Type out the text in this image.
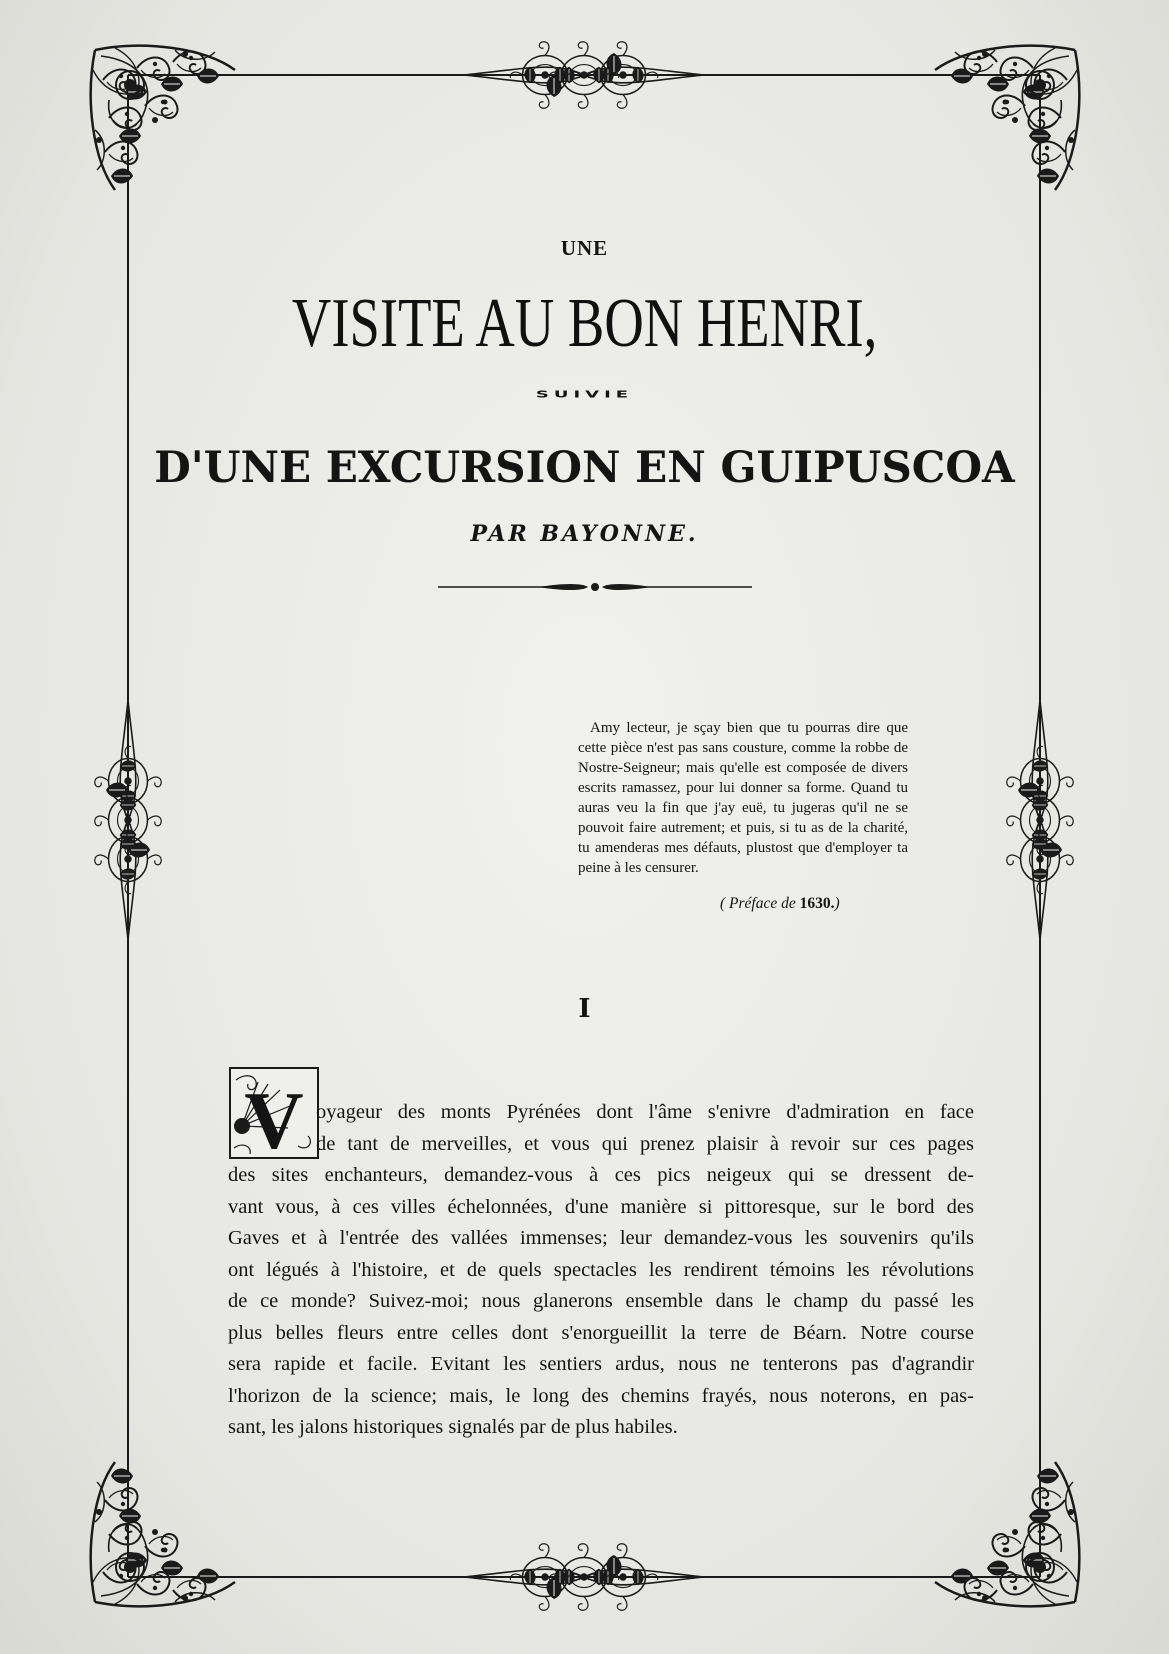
UNE
VISITE AU BON HENRI,
SUIVIE
D'UNE EXCURSION EN GUIPUSCOA
PAR BAYONNE.
Amy lecteur, je sçay bien que tu pourras dire que cette pièce n'est pas sans cousture, comme la robbe de Nostre-Seigneur; mais qu'elle est composée de divers escrits ramassez, pour lui donner sa forme. Quand tu auras veu la fin que j'ay euë, tu jugeras qu'il ne se pouvoit faire autrement; et puis, si tu as de la charité, tu amenderas mes défauts, plustost que d'employer ta peine à les censurer.
( Préface de 1630.)
I
V oyageur des monts Pyrénées dont l'âme s'enivre d'admiration en face
de tant de merveilles, et vous qui prenez plaisir à revoir sur ces pages
des sites enchanteurs, demandez-vous à ces pics neigeux qui se dressent de-
vant vous, à ces villes échelonnées, d'une manière si pittoresque, sur le bord des
Gaves et à l'entrée des vallées immenses; leur demandez-vous les souvenirs qu'ils
ont légués à l'histoire, et de quels spectacles les rendirent témoins les révolutions
de ce monde? Suivez-moi; nous glanerons ensemble dans le champ du passé les
plus belles fleurs entre celles dont s'enorgueillit la terre de Béarn. Notre course
sera rapide et facile. Evitant les sentiers ardus, nous ne tenterons pas d'agrandir
l'horizon de la science; mais, le long des chemins frayés, nous noterons, en pas-
sant, les jalons historiques signalés par de plus habiles.
